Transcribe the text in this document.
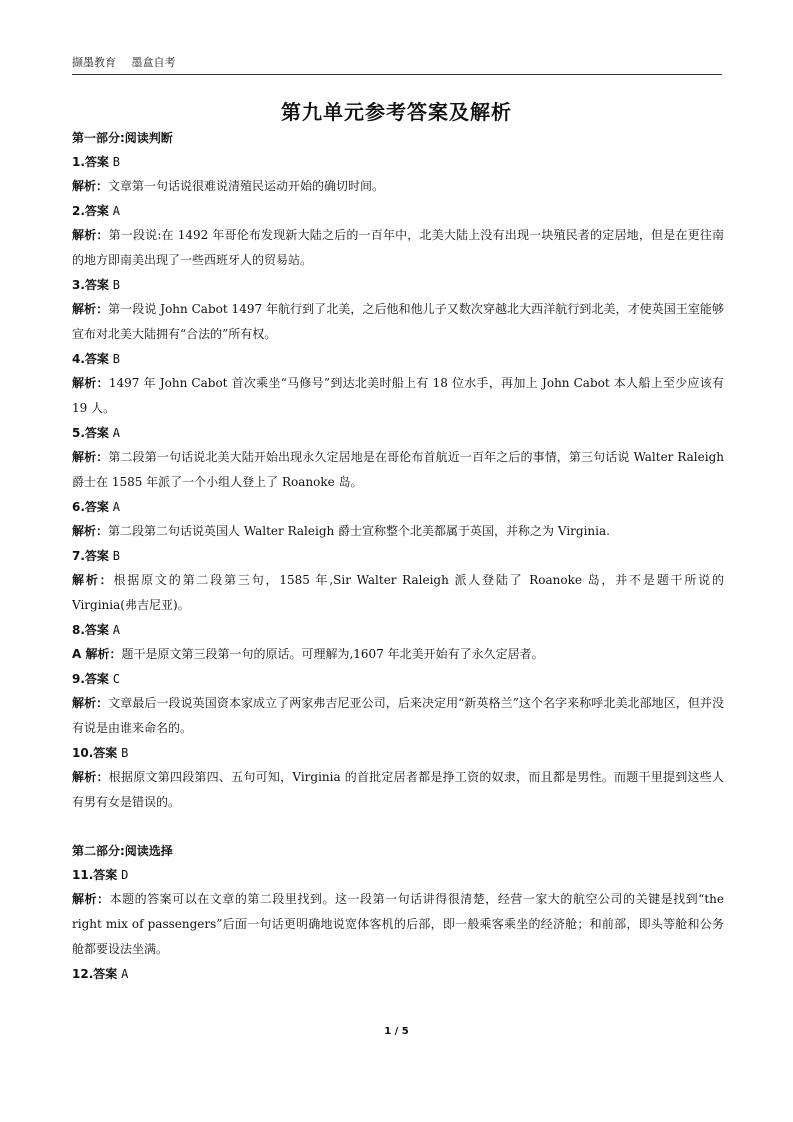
撷墨教育 墨盒自考
第九单元参考答案及解析
第一部分:阅读判断
1.答案 B
解析：文章第一句话说很难说清殖民运动开始的确切时间。
2.答案 A
解析：第一段说:在 1492 年哥伦布发现新大陆之后的一百年中，北美大陆上没有出现一块殖民者的定居地，但是在更往南的地方即南美出现了一些西班牙人的贸易站。
3.答案 B
解析：第一段说 John Cabot 1497 年航行到了北美，之后他和他儿子又数次穿越北大西洋航行到北美，才使英国王室能够宣布对北美大陆拥有“合法的”所有权。
4.答案 B
解析：1497 年 John Cabot 首次乘坐“马修号”到达北美时船上有 18 位水手，再加上 John Cabot 本人船上至少应该有 19 人。
5.答案 A
解析：第二段第一句话说北美大陆开始出现永久定居地是在哥伦布首航近一百年之后的事情，第三句话说 Walter Raleigh 爵士在 1585 年派了一个小组人登上了 Roanoke 岛。
6.答案 A
解析：第二段第二句话说英国人 Walter Raleigh 爵士宣称整个北美都属于英国，并称之为 Virginia.
7.答案 B
解析：根据原文的第二段第三句，1585 年,Sir Walter Raleigh 派人登陆了 Roanoke 岛，并不是题干所说的 Virginia(弗吉尼亚)。
8.答案 A
A 解析：题干是原文第三段第一句的原话。可理解为,1607 年北美开始有了永久定居者。
9.答案 C
解析：文章最后一段说英国资本家成立了两家弗吉尼亚公司，后来决定用“新英格兰”这个名字来称呼北美北部地区，但并没有说是由谁来命名的。
10.答案 B
解析：根据原文第四段第四、五句可知，Virginia 的首批定居者都是挣工资的奴隶，而且都是男性。而题干里提到这些人有男有女是错误的。
第二部分:阅读选择
11.答案 D
解析：本题的答案可以在文章的第二段里找到。这一段第一句话讲得很清楚，经营一家大的航空公司的关键是找到“the right mix of passengers”后面一句话更明确地说宽体客机的后部，即一般乘客乘坐的经济舱；和前部，即头等舱和公务舱都要设法坐满。
12.答案 A
1 / 5
